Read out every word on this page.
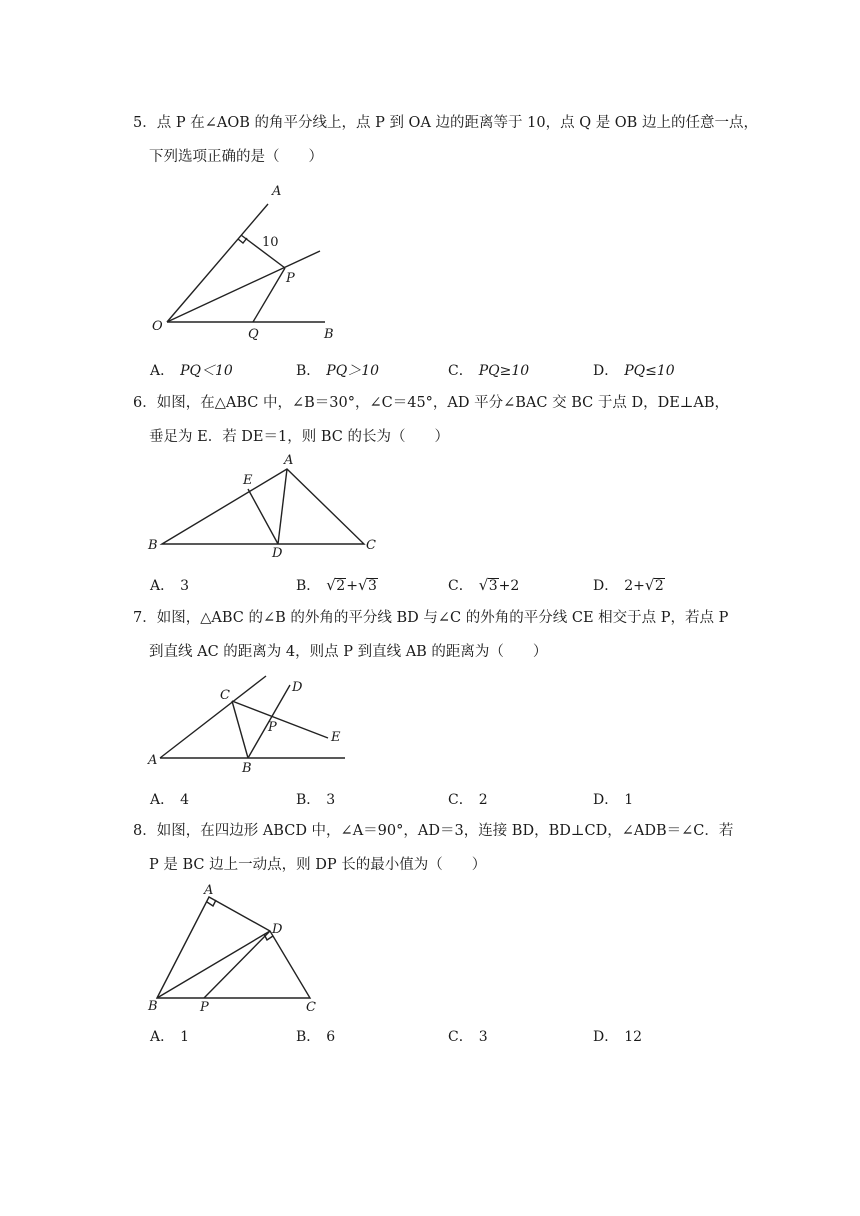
5．点 P 在∠AOB 的角平分线上，点 P 到 OA 边的距离等于 10，点 Q 是 OB 边上的任意一点，
下列选项正确的是（　　）
A
10
P
O
Q	B
A． PQ＜10	B． PQ＞10	C． PQ≥10	D． PQ≤10
6．如图，在△ABC 中，∠B＝30°，∠C＝45°，AD 平分∠BAC 交 BC 于点 D，DE⊥AB，
垂足为 E．若 DE＝1，则 BC 的长为（　　）
A
E
B
D
C
A． 3	B． √ 2+ √ 3	C． √ 3+2	D． 2+ √ 2
7．如图，△ABC 的∠B 的外角的平分线 BD 与∠C 的外角的平分线 CE 相交于点 P，若点 P
到直线 AC 的距离为 4，则点 P 到直线 AB 的距离为（　　）
C
D
P
E
A
B
A． 4	B． 3	C． 2	D． 1
8．如图，在四边形 ABCD 中，∠A＝90°，AD＝3，连接 BD，BD⊥CD，∠ADB＝∠C．若
P 是 BC 边上一动点，则 DP 长的最小值为（　　）
A
D
B	P	C
A． 1	B． 6	C． 3	D． 12
